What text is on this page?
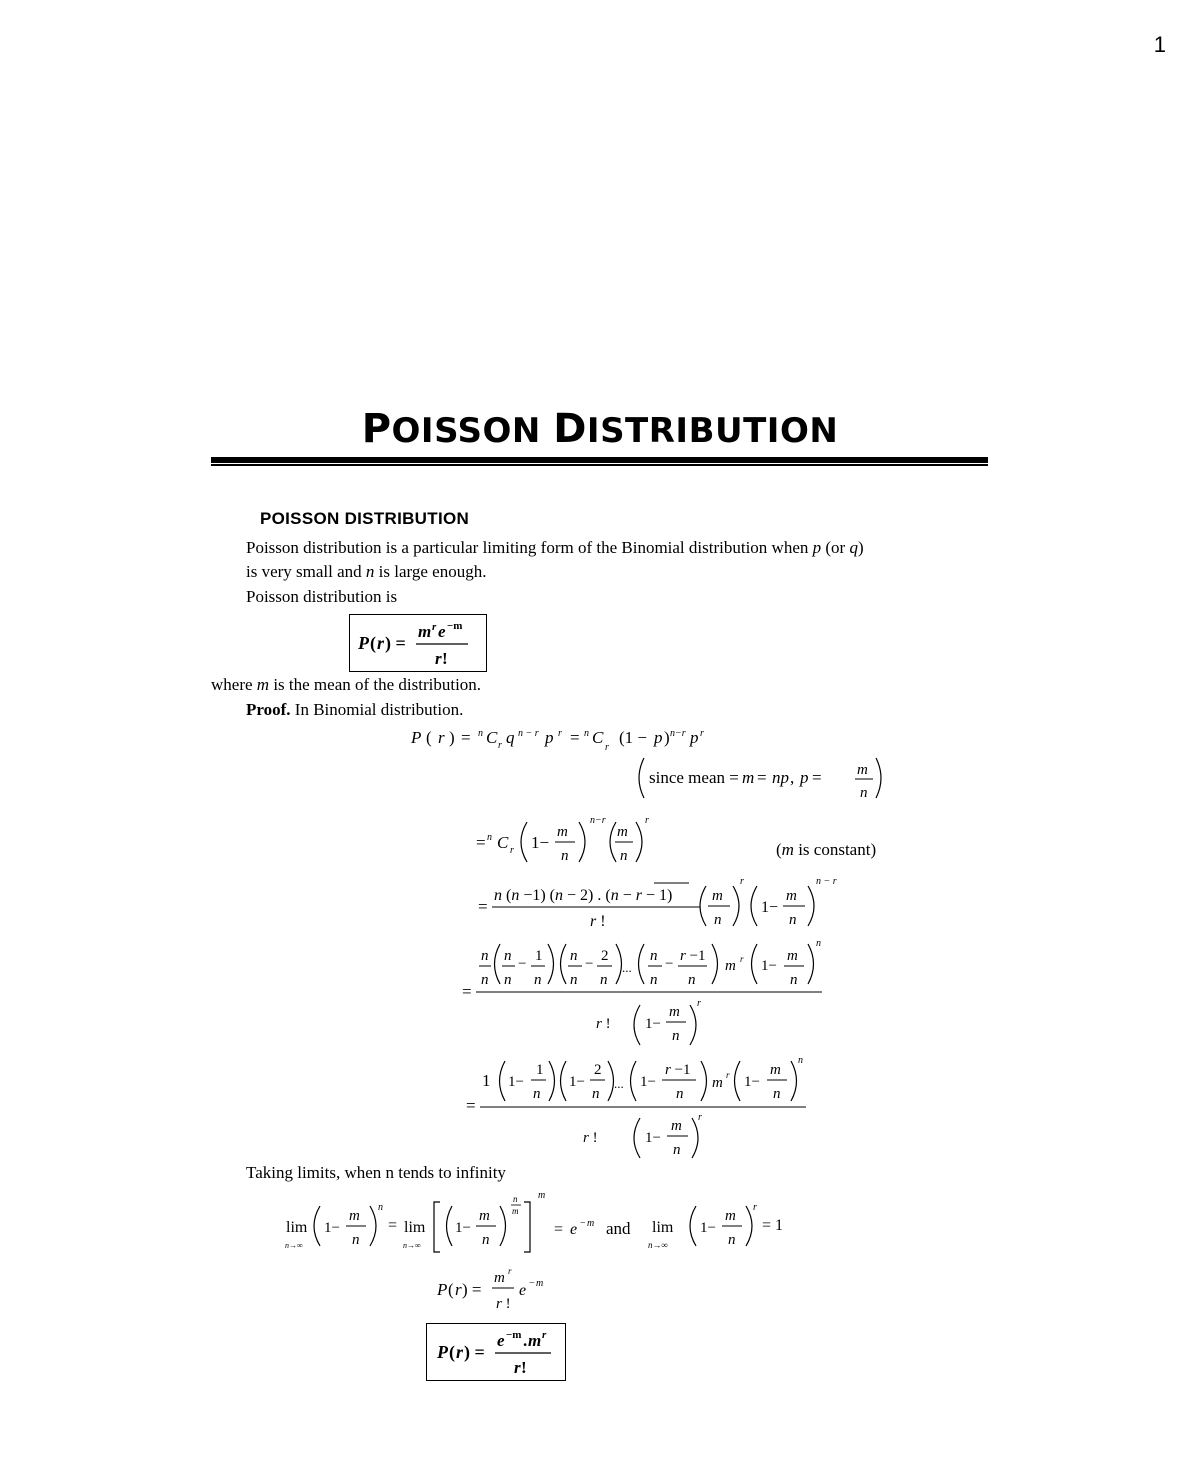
1
POISSON DISTRIBUTION
POISSON DISTRIBUTION
Poisson distribution is a particular limiting form of the Binomial distribution when p (or q)
is very small and n is large enough.
Poisson distribution is
P ( r ) =
m r e −m
r !
where m is the mean of the distribution.
Proof. In Binomial distribution.
P ( r ) = n C r q n − r p r = n C
r
(1 − p ) n−r p r
since mean = m = np , p = m
n
= n C r 1−
m
n
n−r
m
n
r
(m is constant)
=
n (n −1) (n − 2) . (n − r − 1)
r !
m
n
r
1−
m
n
n − r
=
n
n
n
n
− 1
n
n
n
− 2
n
...
n
n
− r −1
n
m r 1−
m
n
n
r ! 1−
m
n
r
=
1 1−
1
n
1−
2
n
... 1−
r −1
n
m r 1−
m
n
n
r !	1−
m
n
r
Taking limits, when n tends to infinity
lim
n→∞
1−
m
n
n
= lim
n→∞
1−
m
n
n
m
m
= e − m and lim
n→∞
1−
m
n
r
= 1
P ( r ) =
m r
r !
e − m
P ( r ) =
e −m . m r
r !
